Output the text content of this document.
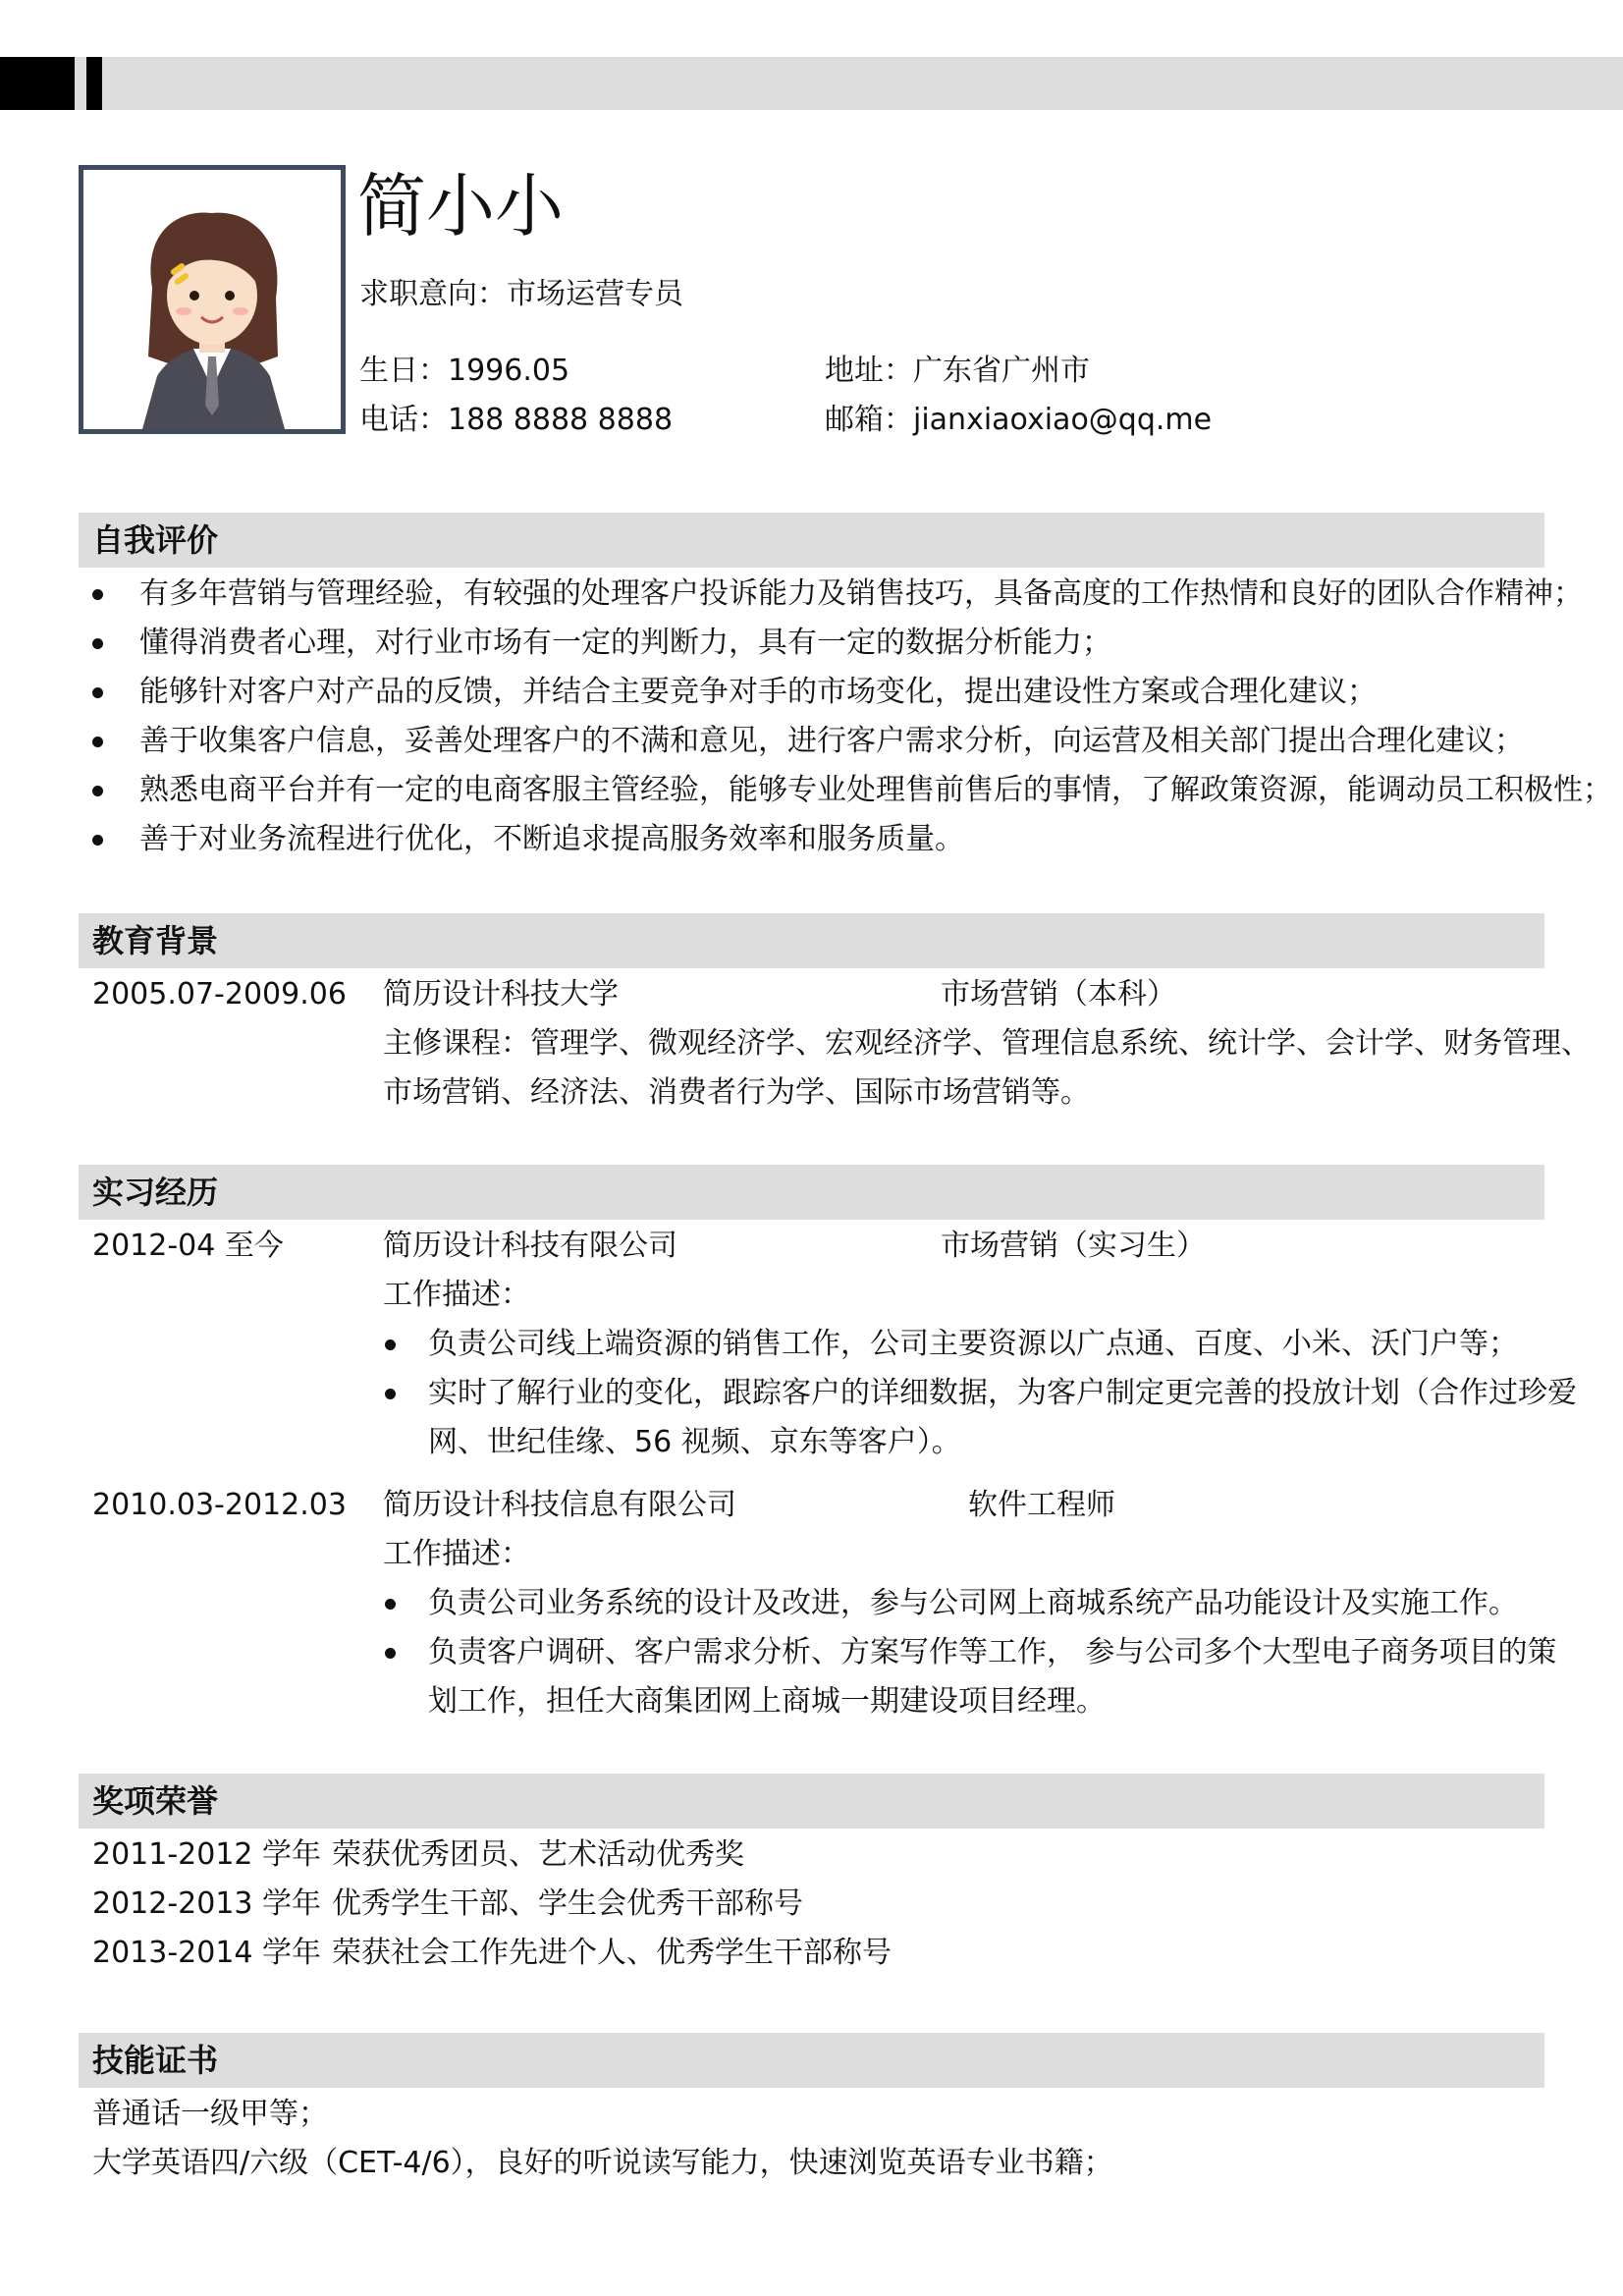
简小小
求职意向：市场运营专员
生日：1996.05
电话：188 8888 8888
地址：广东省广州市
邮箱：jianxiaoxiao@qq.me
自我评价
有多年营销与管理经验，有较强的处理客户投诉能力及销售技巧，具备高度的工作热情和良好的团队合作精神；
懂得消费者心理，对行业市场有一定的判断力，具有一定的数据分析能力；
能够针对客户对产品的反馈，并结合主要竞争对手的市场变化，提出建设性方案或合理化建议；
善于收集客户信息，妥善处理客户的不满和意见，进行客户需求分析，向运营及相关部门提出合理化建议；
熟悉电商平台并有一定的电商客服主管经验，能够专业处理售前售后的事情，了解政策资源，能调动员工积极性；
善于对业务流程进行优化，不断追求提高服务效率和服务质量。
教育背景
2005.07-2009.06 简历设计科技大学	市场营销（本科）
主修课程：管理学、微观经济学、宏观经济学、管理信息系统、统计学、会计学、财务管理、
市场营销、经济法、消费者行为学、国际市场营销等。
实习经历
2012-04 至今	简历设计科技有限公司	市场营销（实习生）
工作描述：
负责公司线上端资源的销售工作，公司主要资源以广点通、百度、小米、沃门户等；
实时了解行业的变化，跟踪客户的详细数据，为客户制定更完善的投放计划（合作过珍爱
网、世纪佳缘、56 视频、京东等客户）。
2010.03-2012.03 简历设计科技信息有限公司	软件工程师
工作描述：
负责公司业务系统的设计及改进，参与公司网上商城系统产品功能设计及实施工作。
负责客户调研、客户需求分析、方案写作等工作， 参与公司多个大型电子商务项目的策
划工作，担任大商集团网上商城一期建设项目经理。
奖项荣誉
2011-2012 学年 荣获优秀团员、艺术活动优秀奖
2012-2013 学年 优秀学生干部、学生会优秀干部称号
2013-2014 学年 荣获社会工作先进个人、优秀学生干部称号
技能证书
普通话一级甲等；
大学英语四/六级（CET-4/6），良好的听说读写能力，快速浏览英语专业书籍；
